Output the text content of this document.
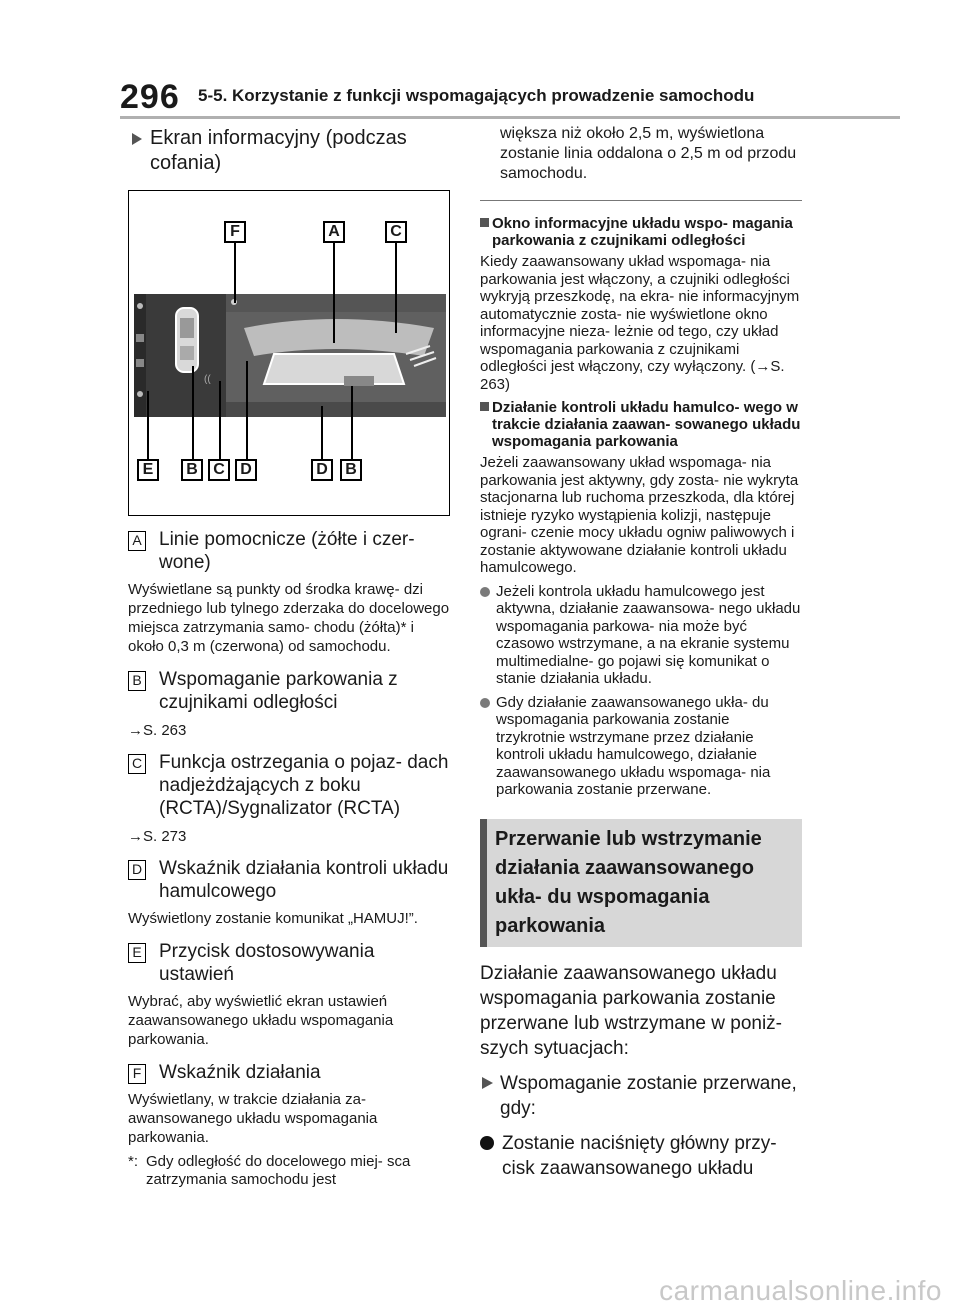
296 5-5. Korzystanie z funkcji wspomagających prowadzenie samochodu
Ekran informacyjny (podczas cofania)
F	A	C
((
E	B C D	D	B
A Linie pomocnicze (żółte i czer- wone)
Wyświetlane są punkty od środka krawę- dzi przedniego lub tylnego zderzaka do docelowego miejsca zatrzymania samo- chodu (żółta)* i około 0,3 m (czerwona) od samochodu.
B Wspomaganie parkowania z czujnikami odległości
→S. 263
C Funkcja ostrzegania o pojaz- dach nadjeżdżających z boku (RCTA)/Sygnalizator (RCTA)
→S. 273
D Wskaźnik działania kontroli układu hamulcowego
Wyświetlony zostanie komunikat „HAMUJ!”.
E Przycisk dostosowywania ustawień
Wybrać, aby wyświetlić ekran ustawień zaawansowanego układu wspomagania parkowania.
F Wskaźnik działania
Wyświetlany, w trakcie działania za- awansowanego układu wspomagania parkowania.
*: Gdy odległość do docelowego miej- sca zatrzymania samochodu jest
większa niż około 2,5 m, wyświetlona zostanie linia oddalona o 2,5 m od przodu samochodu.
Okno informacyjne układu wspo- magania parkowania z czujnikami odległości
Kiedy zaawansowany układ wspomaga- nia parkowania jest włączony, a czujniki odległości wykryją przeszkodę, na ekra- nie informacyjnym automatycznie zosta- nie wyświetlone okno informacyjne nieza- leżnie od tego, czy układ wspomagania parkowania z czujnikami odległości jest włączony, czy wyłączony. (→S. 263)
Działanie kontroli układu hamulco- wego w trakcie działania zaawan- sowanego układu wspomagania parkowania
Jeżeli zaawansowany układ wspomaga- nia parkowania jest aktywny, gdy zosta- nie wykryta stacjonarna lub ruchoma przeszkoda, dla której istnieje ryzyko wystąpienia kolizji, następuje ograni- czenie mocy układu ogniw paliwowych i zostanie aktywowane działanie kontroli układu hamulcowego.
Jeżeli kontrola układu hamulcowego jest aktywna, działanie zaawansowa- nego układu wspomagania parkowa- nia może być czasowo wstrzymane, a na ekranie systemu multimedialne- go pojawi się komunikat o stanie działania układu.
Gdy działanie zaawansowanego ukła- du wspomagania parkowania zostanie trzykrotnie wstrzymane przez działanie kontroli układu hamulcowego, działanie zaawansowanego układu wspomaga- nia parkowania zostanie przerwane.
Przerwanie lub wstrzymanie działania zaawansowanego ukła- du wspomagania parkowania
Działanie zaawansowanego układu wspomagania parkowania zostanie przerwane lub wstrzymane w poniż- szych sytuacjach:
Wspomaganie zostanie przerwane, gdy:
Zostanie naciśnięty główny przy- cisk zaawansowanego układu
carmanualsonline.info
